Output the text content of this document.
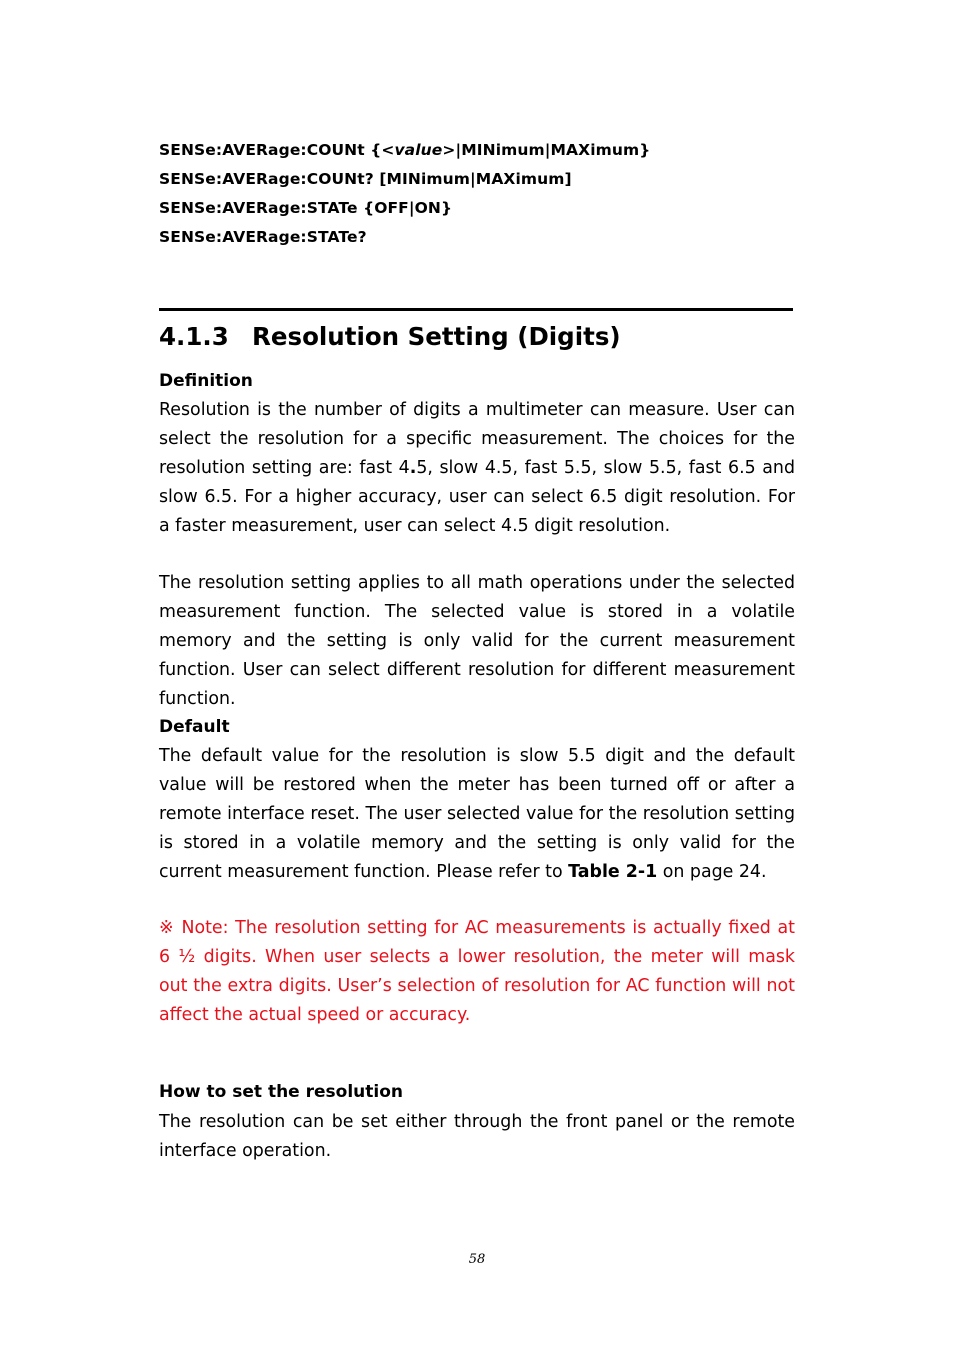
SENSe:AVERage:COUNt {<value>|MINimum|MAXimum}
SENSe:AVERage:COUNt? [MINimum|MAXimum]
SENSe:AVERage:STATe {OFF|ON}
SENSe:AVERage:STATe?
4.1.3 Resolution Setting (Digits)
Definition

Resolution is the number of digits a multimeter can measure. User can select the resolution for a specific measurement. The choices for the resolution setting are: fast 4.5, slow 4.5, fast 5.5, slow 5.5, fast 6.5 and slow 6.5. For a higher accuracy, user can select 6.5 digit resolution. For a faster measurement, user can select 4.5 digit resolution.

The resolution setting applies to all math operations under the selected measurement function. The selected value is stored in a volatile memory and the setting is only valid for the current measurement function. User can select different resolution for different measurement function.

Default

The default value for the resolution is slow 5.5 digit and the default value will be restored when the meter has been turned off or after a remote interface reset. The user selected value for the resolution setting is stored in a volatile memory and the setting is only valid for the current measurement function. Please refer to Table 2-1 on page 24.

※ Note: The resolution setting for AC measurements is actually fixed at 6 ½ digits. When user selects a lower resolution, the meter will mask out the extra digits. User’s selection of resolution for AC function will not affect the actual speed or accuracy.

How to set the resolution

The resolution can be set either through the front panel or the remote interface operation.

58
